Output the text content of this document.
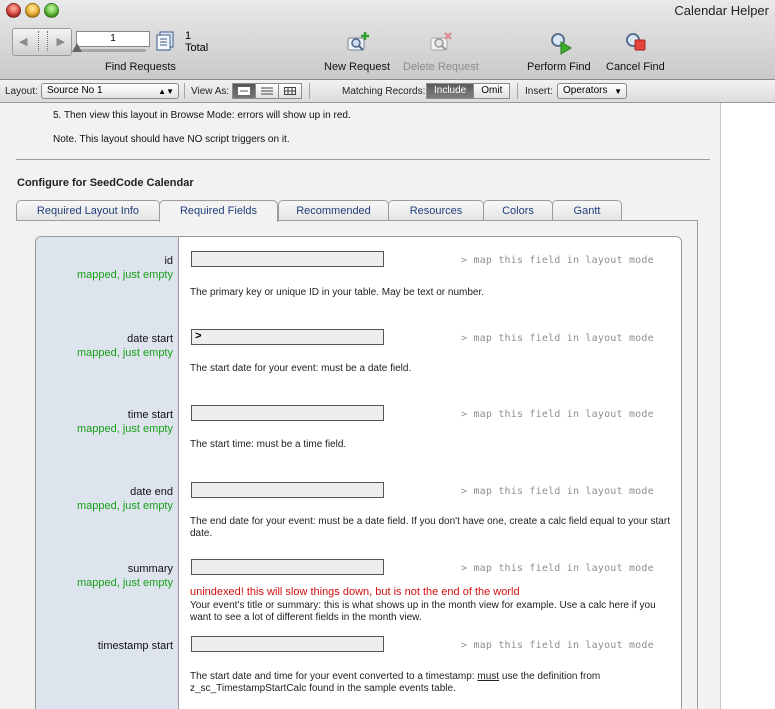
Calendar Helper
◀	▶	1	1
Total
Find Requests	New Request Delete Request	Perform Find Cancel Find
Layout: Source No 1	▲▼ View As:	Matching Records: Include	Omit	Insert:	Operators ▼
5. Then view this layout in Browse Mode: errors will show up in red.
Note. This layout should have NO script triggers on it.
Configure for SeedCode Calendar
Required Layout Info	Required Fields	Recommended	Resources	Colors	Gantt
id
mapped, just empty
> map this field in layout mode
The primary key or unique ID in your table. May be text or number.
date start
mapped, just empty
>	> map this field in layout mode
The start date for your event: must be a date field.
time start
mapped, just empty
> map this field in layout mode
The start time: must be a time field.
date end
mapped, just empty
> map this field in layout mode
The end date for your event: must be a date field. If you don't have one, create a calc field equal to your start date.
summary
mapped, just empty
> map this field in layout mode
unindexed! this will slow things down, but is not the end of the world
Your event's title or summary: this is what shows up in the month view for example. Use a calc here if you want to see a lot of different fields in the month view.
timestamp start	> map this field in layout mode
The start date and time for your event converted to a timestamp: must use the definition from z_sc_TimestampStartCalc found in the sample events table.
